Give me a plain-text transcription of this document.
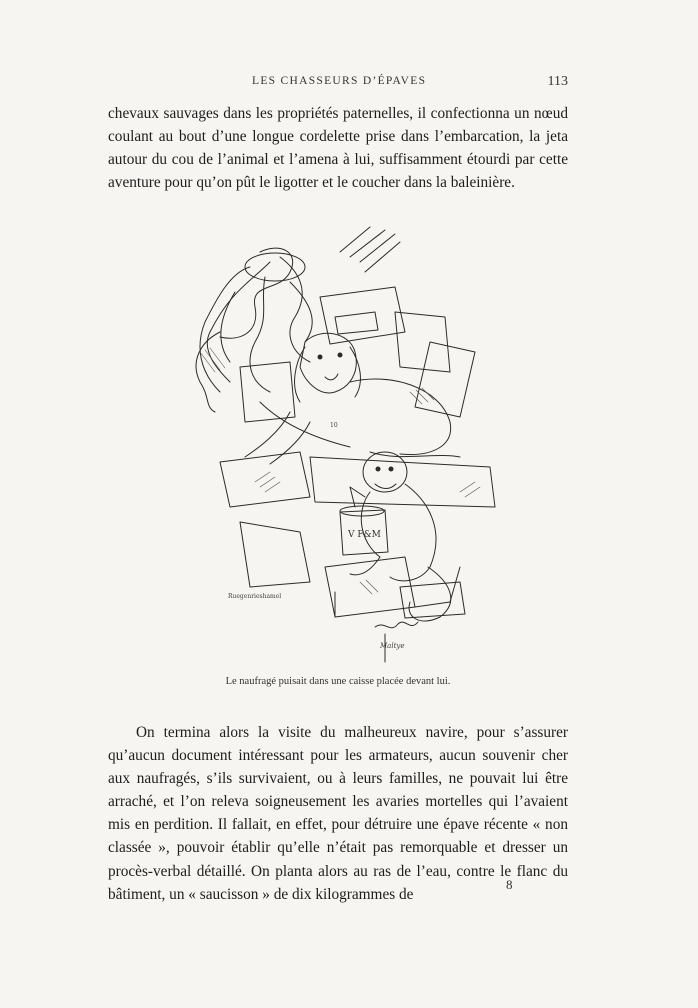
LES CHASSEURS D’ÉPAVES	113

chevaux sauvages dans les propriétés paternelles, il confectionna un nœud coulant au bout d’une longue cordelette prise dans l’embarcation, la jeta autour du cou de l’animal et l’amena à lui, suffisamment étourdi par cette aventure pour qu’on pût le ligotter et le coucher dans la baleinière.

10
V F&M
Ruegenrieshamel
Maltye
Le naufragé puisait dans une caisse placée devant lui.

On termina alors la visite du malheureux navire, pour s’assurer qu’aucun document intéressant pour les armateurs, aucun souvenir cher aux naufragés, s’ils survivaient, ou à leurs familles, ne pouvait lui être arraché, et l’on releva soigneusement les avaries mortelles qui l’avaient mis en perdition. Il fallait, en effet, pour détruire une épave récente « non classée », pouvoir établir qu’elle n’était pas remorquable et dresser un procès-verbal détaillé. On planta alors au ras de l’eau, contre le flanc du bâtiment, un « saucisson » de dix kilogrammes de

8
